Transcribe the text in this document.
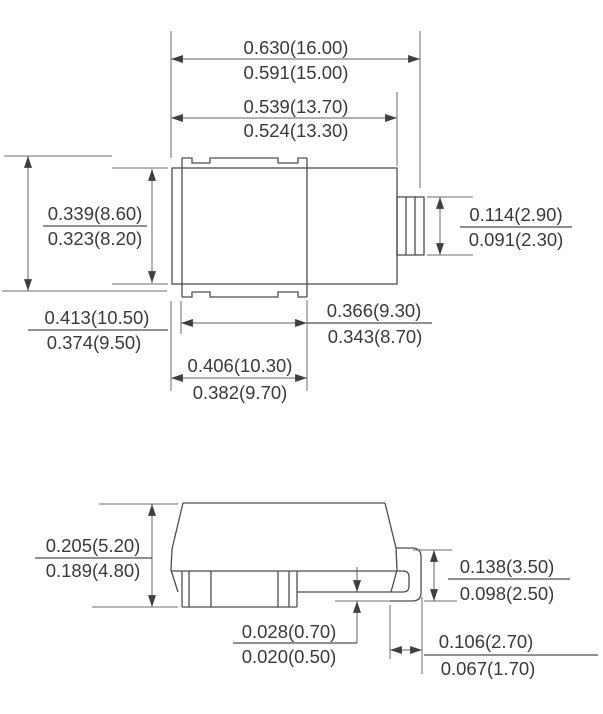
0.630(16.00)
0.591(15.00)
0.539(13.70)
0.524(13.30)
0.339(8.60)
0.323(8.20)
0.413(10.50)
0.374(9.50)
0.114(2.90)
0.091(2.30)
0.366(9.30)
0.343(8.70)
0.406(10.30)
0.382(9.70)
0.205(5.20)
0.189(4.80)	0.138(3.50)
0.098(2.50)
0.028(0.70)
0.020(0.50)
0.106(2.70)
0.067(1.70)
